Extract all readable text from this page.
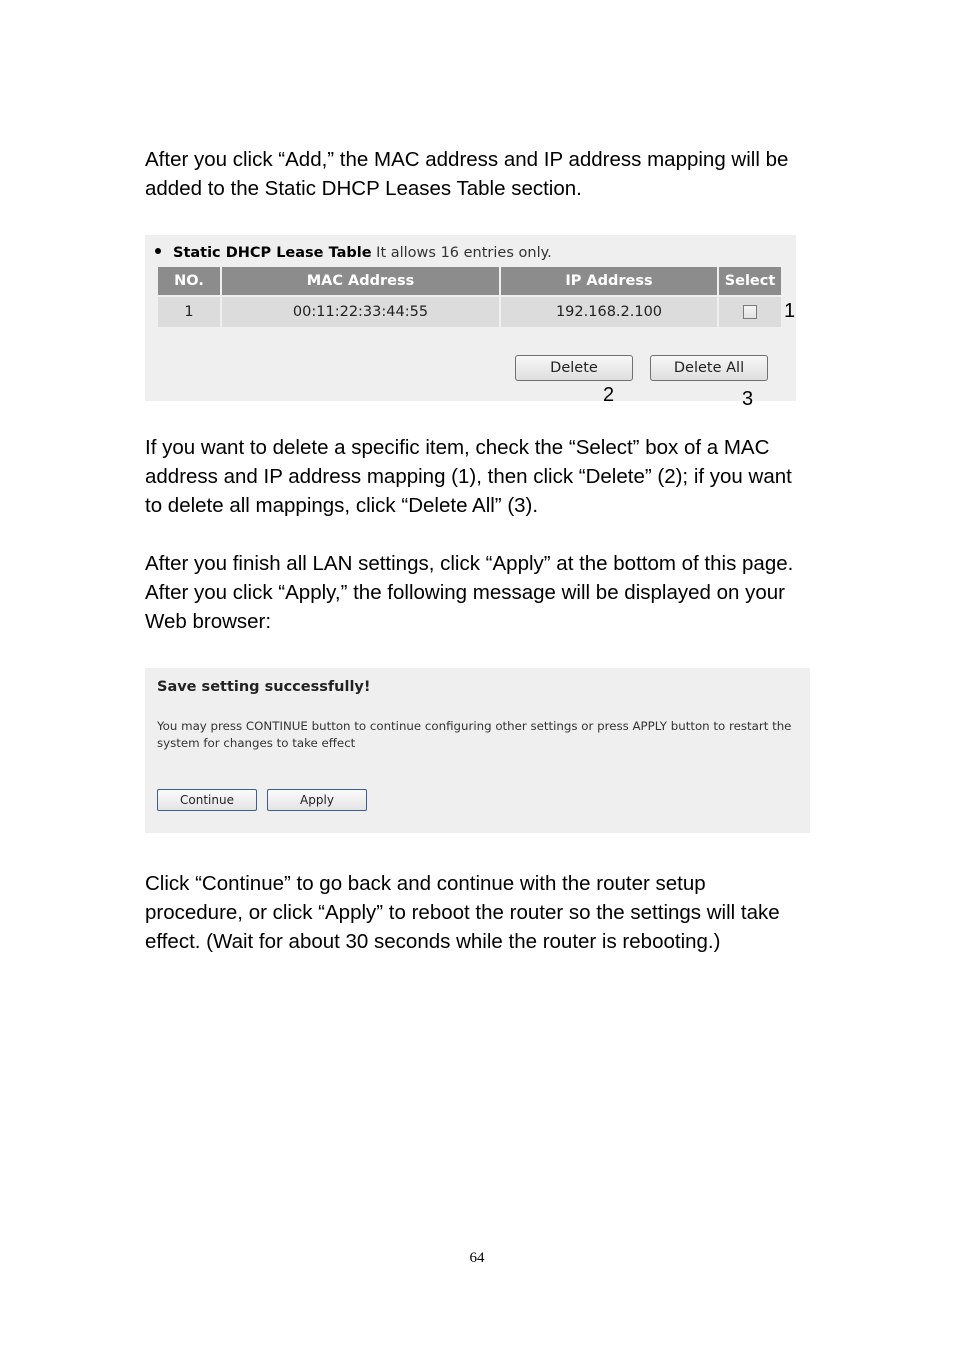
After you click “Add,” the MAC address and IP address mapping will be added to the Static DHCP Leases Table section.

Static DHCP Lease Table It allows 16 entries only.
NO.	MAC Address	IP Address	Select
1	00:11:22:33:44:55	192.168.2.100	
Delete	Delete All
1
2	3

If you want to delete a specific item, check the “Select” box of a MAC address and IP address mapping (1), then click “Delete” (2); if you want to delete all mappings, click “Delete All” (3).

After you finish all LAN settings, click “Apply” at the bottom of this page. After you click “Apply,” the following message will be displayed on your Web browser:

Save setting successfully!
You may press CONTINUE button to continue configuring other settings or press APPLY button to restart the system for changes to take effect
Continue	Apply

Click “Continue” to go back and continue with the router setup procedure, or click “Apply” to reboot the router so the settings will take effect. (Wait for about 30 seconds while the router is rebooting.)

64
